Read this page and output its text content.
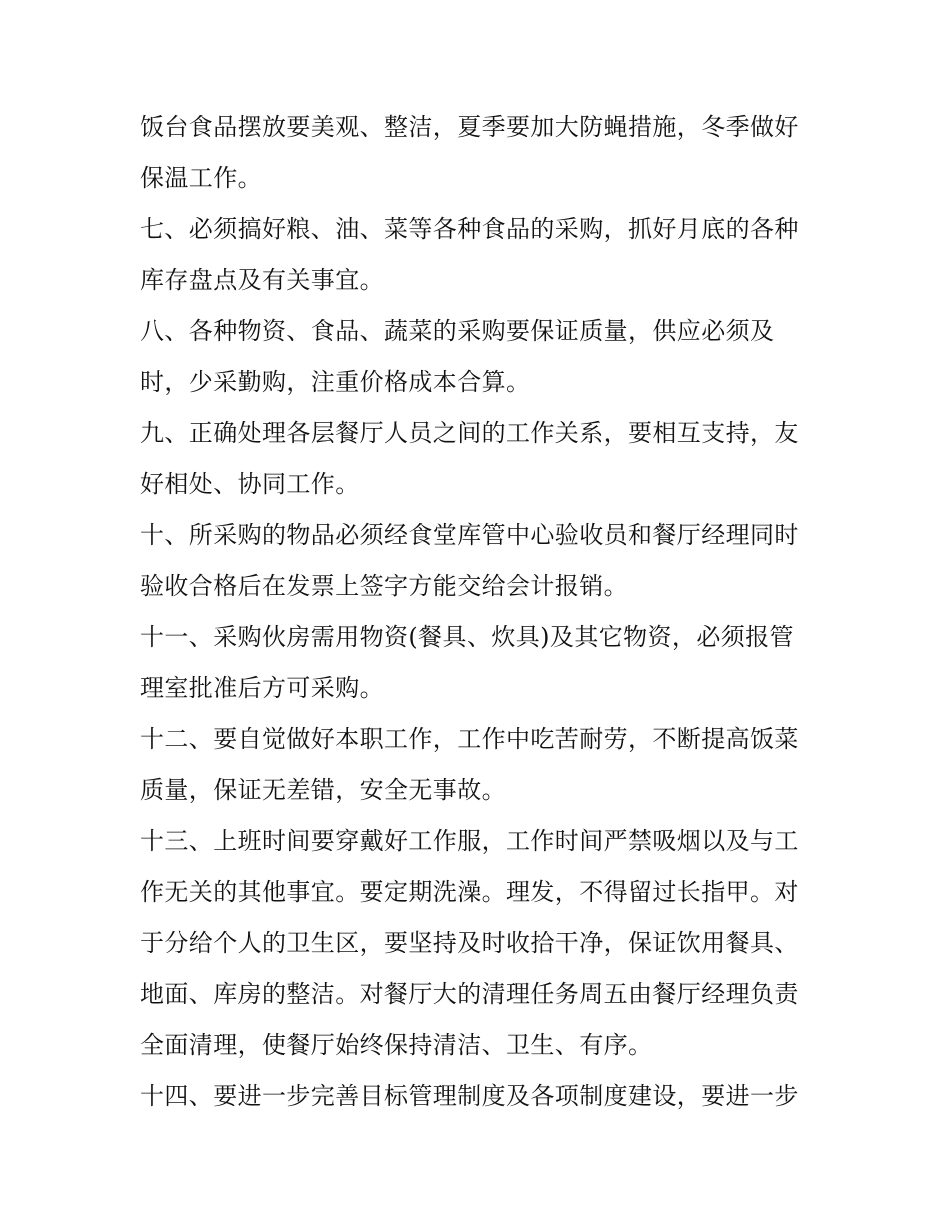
饭台食品摆放要美观、整洁，夏季要加大防蝇措施，冬季做好
保温工作。
七、必须搞好粮、油、菜等各种食品的采购，抓好月底的各种
库存盘点及有关事宜。
八、各种物资、食品、蔬菜的采购要保证质量，供应必须及
时，少采勤购，注重价格成本合算。
九、正确处理各层餐厅人员之间的工作关系，要相互支持，友
好相处、协同工作。
十、所采购的物品必须经食堂库管中心验收员和餐厅经理同时
验收合格后在发票上签字方能交给会计报销。
十一、采购伙房需用物资(餐具、炊具)及其它物资，必须报管
理室批准后方可采购。
十二、要自觉做好本职工作，工作中吃苦耐劳，不断提高饭菜
质量，保证无差错，安全无事故。
十三、上班时间要穿戴好工作服，工作时间严禁吸烟以及与工
作无关的其他事宜。要定期洗澡。理发，不得留过长指甲。对
于分给个人的卫生区，要坚持及时收拾干净，保证饮用餐具、
地面、库房的整洁。对餐厅大的清理任务周五由餐厅经理负责
全面清理，使餐厅始终保持清洁、卫生、有序。
十四、要进一步完善目标管理制度及各项制度建设，要进一步
